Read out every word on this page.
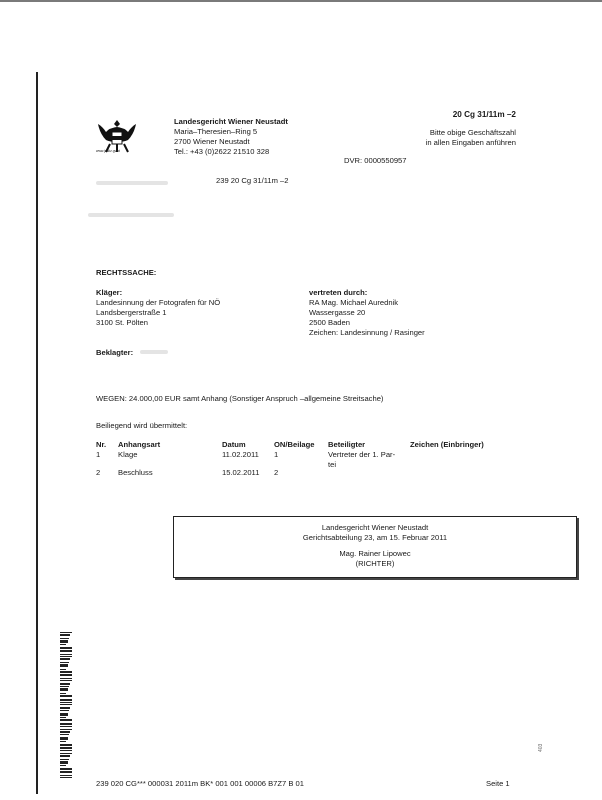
www.justiz.gv.at
Landesgericht Wiener Neustadt
Maria–Theresien–Ring 5
2700 Wiener Neustadt
Tel.: +43 (0)2622 21510 328
20 Cg 31/11m –2
Bitte obige Geschäftszahl
in allen Eingaben anführen
DVR: 0000550957
239 20 Cg 31/11m –2
RECHTSSACHE:
Kläger:
Landesinnung der Fotografen für NÖ
Landsbergerstraße 1
3100 St. Pölten
vertreten durch:
RA Mag. Michael Aurednik
Wassergasse 20
2500 Baden
Zeichen: Landesinnung / Rasinger
Beklagter:
WEGEN: 24.000,00 EUR samt Anhang (Sonstiger Anspruch –allgemeine Streitsache)
Beiliegend wird übermittelt:
Nr. Anhangsart	Datum	ON/Beilage Beteiligter	Zeichen (Einbringer)
1 Klage	11.02.2011 1	Vertreter der 1. Par-
tei
2 Beschluss	15.02.2011 2
Landesgericht Wiener Neustadt
Gerichtsabteilung 23, am 15. Februar 2011
Mag. Rainer Lipowec
(RICHTER)
239 020 CG*** 000031 2011m BK* 001 001 00006 B7Z7 B 01	Seite 1
403
